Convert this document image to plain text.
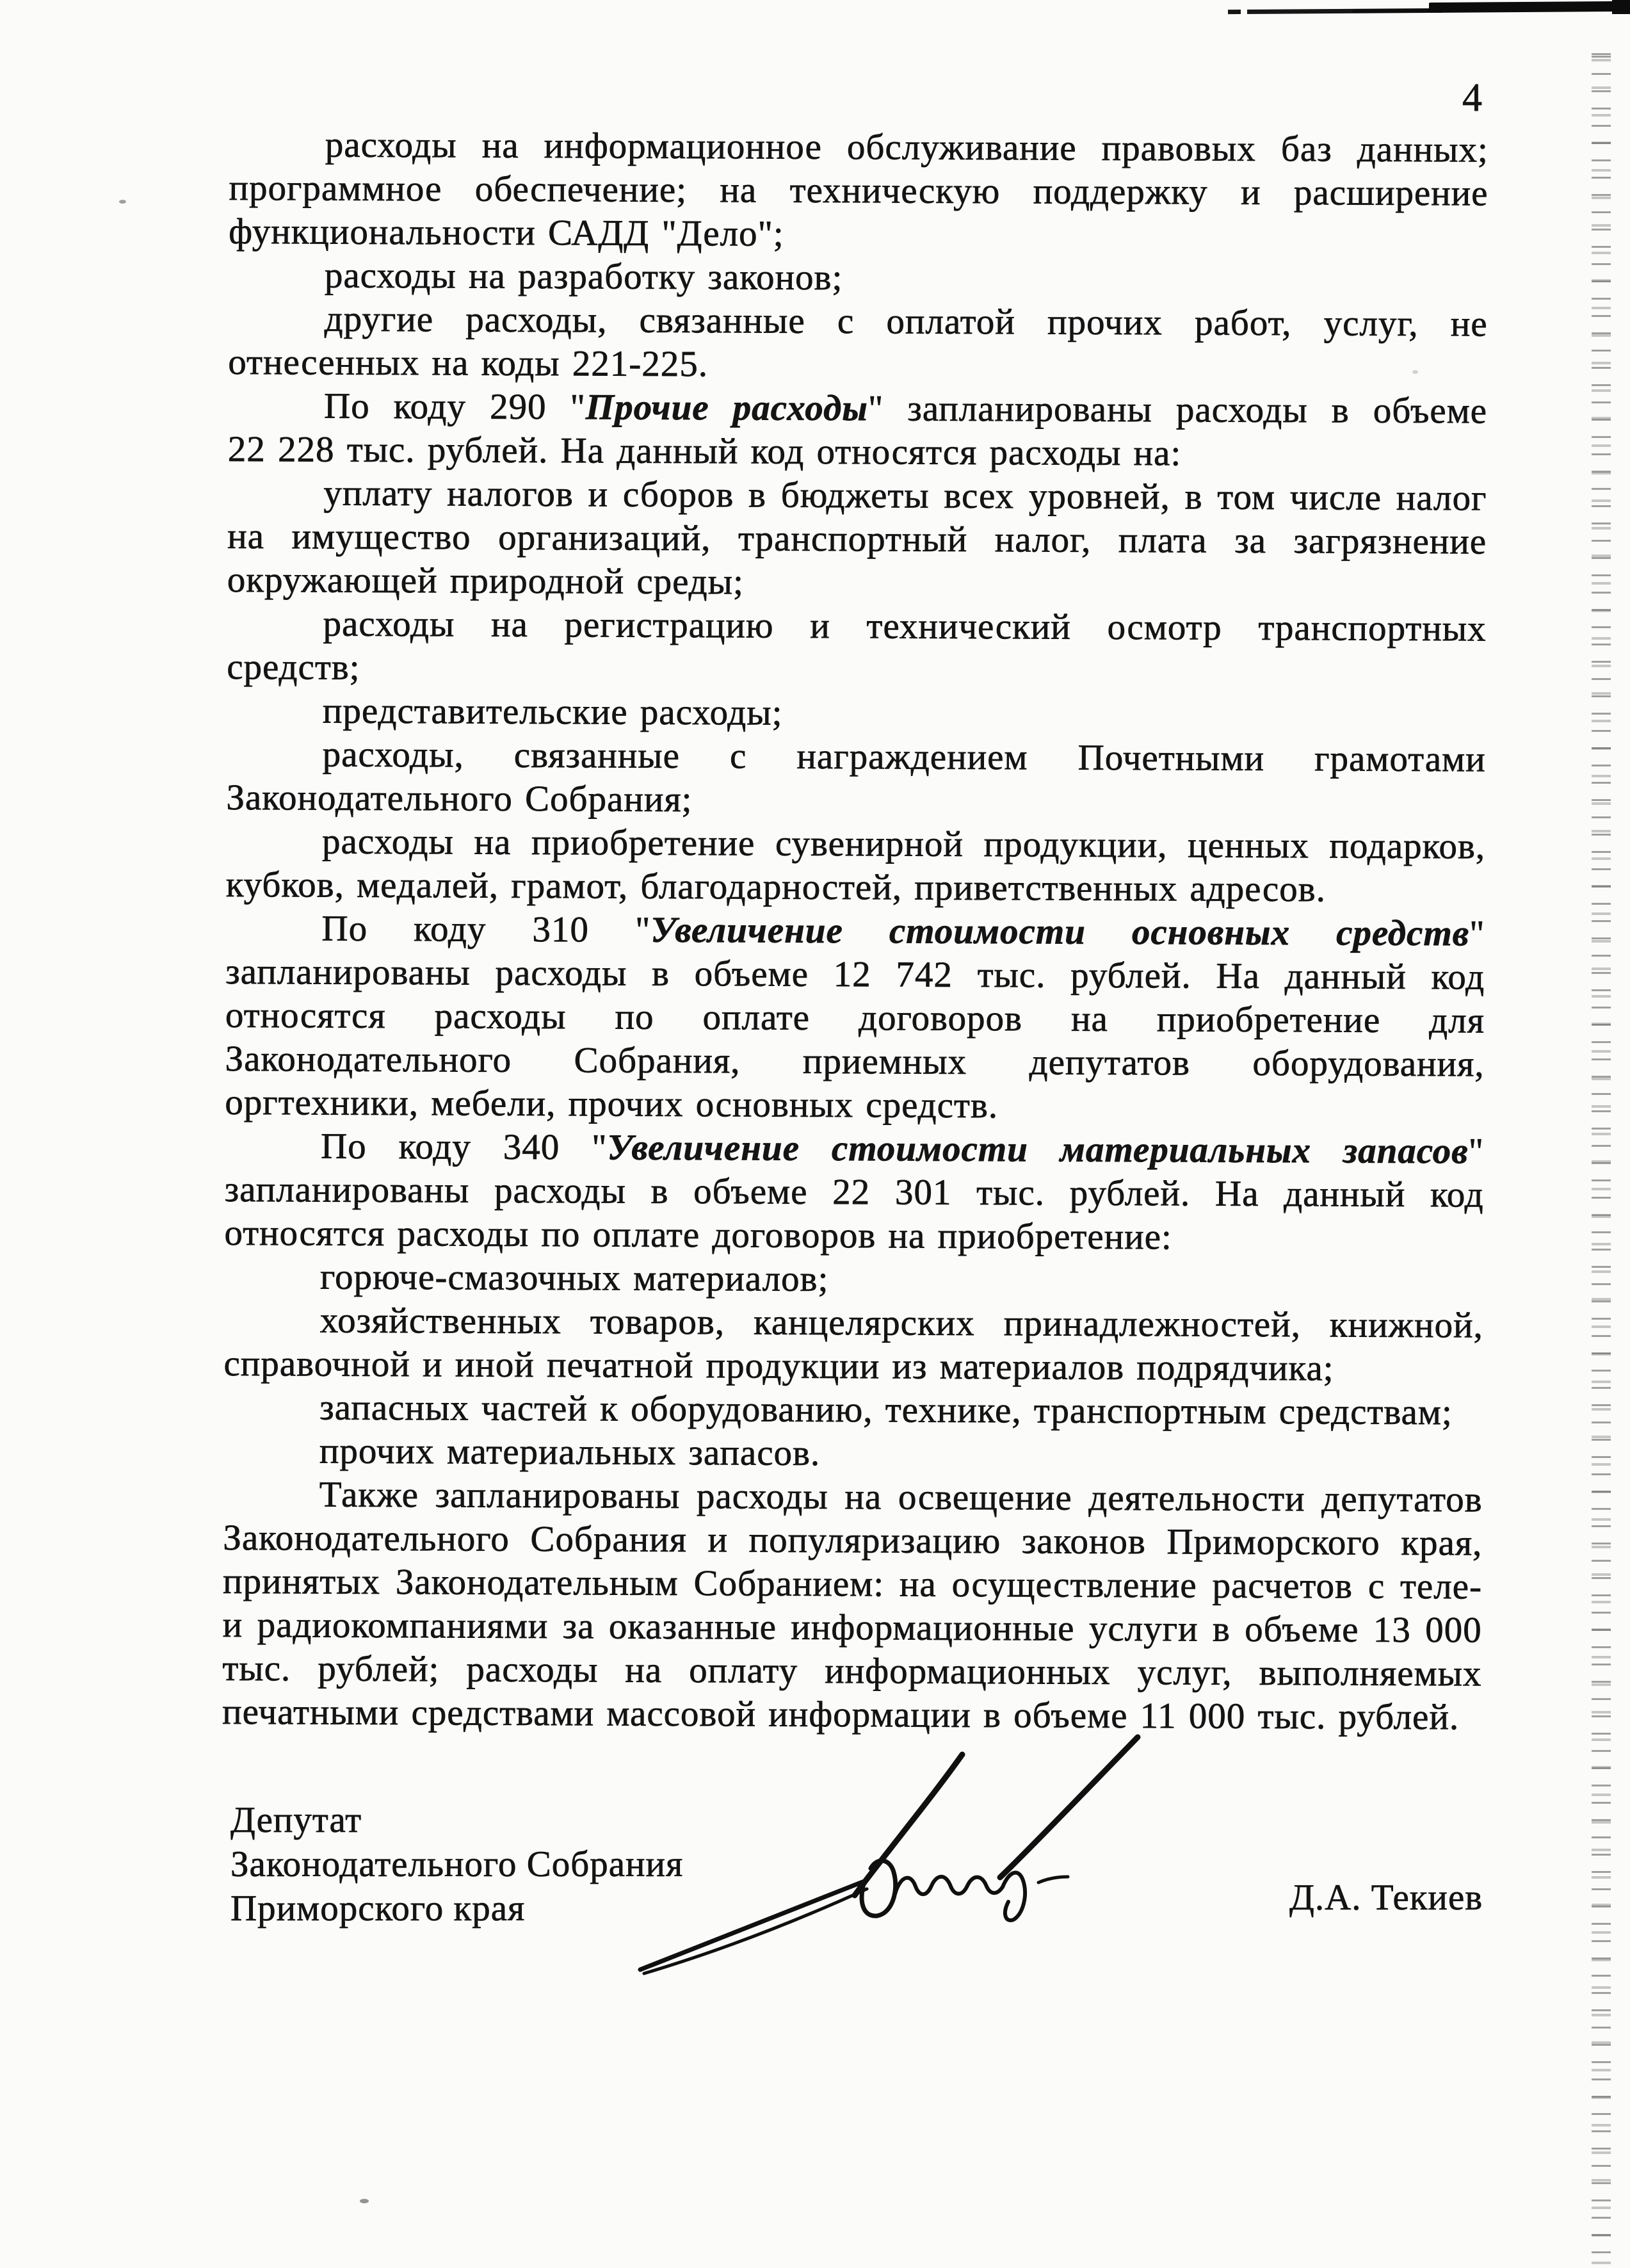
4

расходы на информационное обслуживание правовых баз данных; программное обеспечение; на техническую поддержку и расширение функциональности САДД "Дело";

расходы на разработку законов;

другие расходы, связанные с оплатой прочих работ, услуг, не отнесенных на коды 221-225.

По коду 290 "Прочие расходы" запланированы расходы в объеме 22 228 тыс. рублей. На данный код относятся расходы на:

уплату налогов и сборов в бюджеты всех уровней, в том числе налог на имущество организаций, транспортный налог, плата за загрязнение окружающей природной среды;

расходы на регистрацию и технический осмотр транспортных средств;

представительские расходы;

расходы, связанные с награждением Почетными грамотами Законодательного Собрания;

расходы на приобретение сувенирной продукции, ценных подарков, кубков, медалей, грамот, благодарностей, приветственных адресов.

По коду 310 "Увеличение стоимости основных средств" запланированы расходы в объеме 12 742 тыс. рублей. На данный код относятся расходы по оплате договоров на приобретение для Законодательного Собрания, приемных депутатов оборудования, оргтехники, мебели, прочих основных средств.

По коду 340 "Увеличение стоимости материальных запасов" запланированы расходы в объеме 22 301 тыс. рублей. На данный код относятся расходы по оплате договоров на приобретение:

горюче-смазочных материалов;

хозяйственных товаров, канцелярских принадлежностей, книжной, справочной и иной печатной продукции из материалов подрядчика;

запасных частей к оборудованию, технике, транспортным средствам;

прочих материальных запасов.

Также запланированы расходы на освещение деятельности депутатов Законодательного Собрания и популяризацию законов Приморского края, принятых Законодательным Собранием: на осуществление расчетов с теле- и радиокомпаниями за оказанные информационные услуги в объеме 13 000 тыс. рублей; расходы на оплату информационных услуг, выполняемых печатными средствами массовой информации в объеме 11 000 тыс. рублей.

Депутат
Законодательного Собрания
Приморского края	Д.А. Текиев
